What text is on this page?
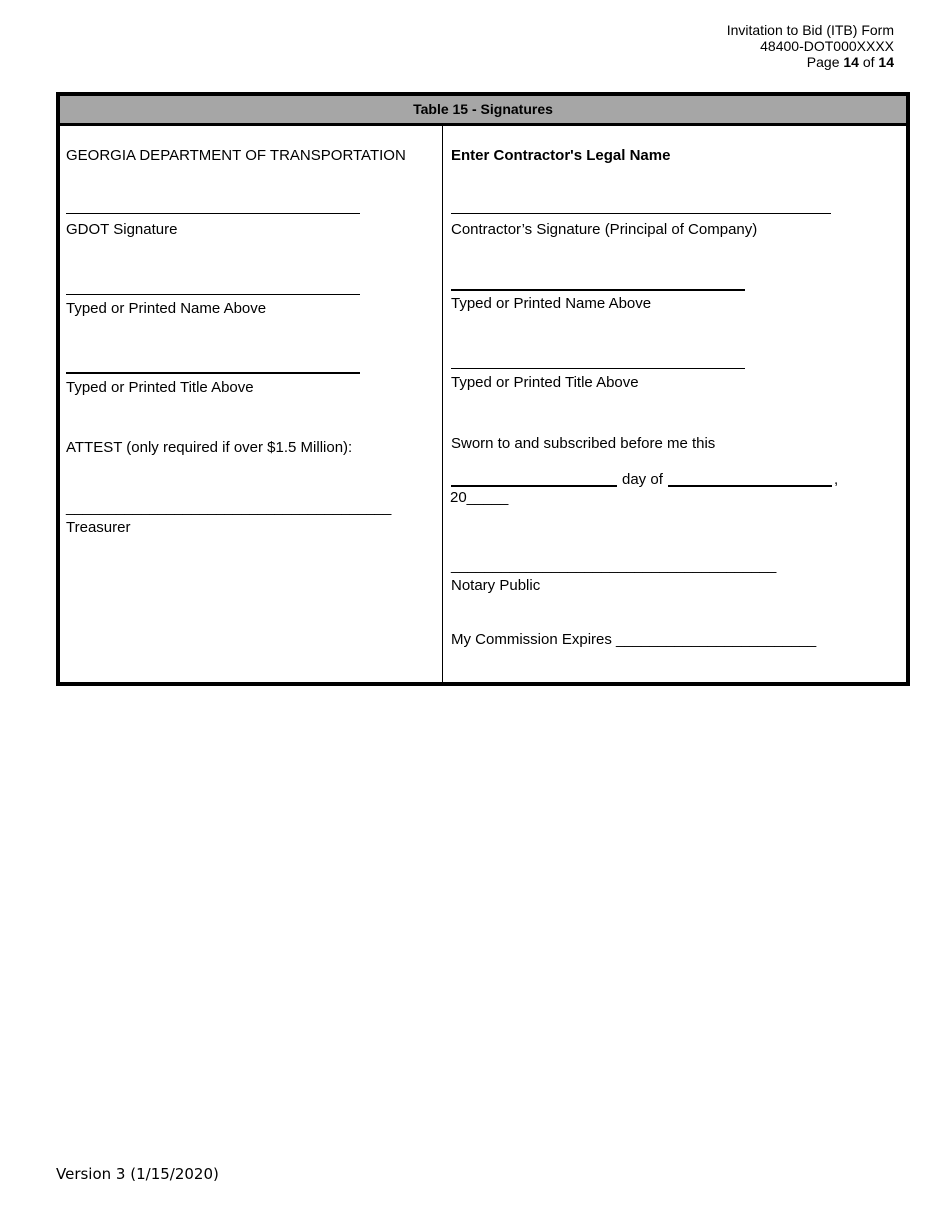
Invitation to Bid (ITB) Form
48400-DOT000XXXX
Page 14 of 14
Table 15 - Signatures
GEORGIA DEPARTMENT OF TRANSPORTATION
GDOT Signature
Typed or Printed Name Above
Typed or Printed Title Above
ATTEST (only required if over $1.5 Million):
_______________________________________
Treasurer
Enter Contractor's Legal Name
Contractor’s Signature (Principal of Company)
Typed or Printed Name Above
Typed or Printed Title Above
Sworn to and subscribed before me this
day of	,
20_____
_______________________________________
Notary Public
My Commission Expires ________________________
Version 3 (1/15/2020)
